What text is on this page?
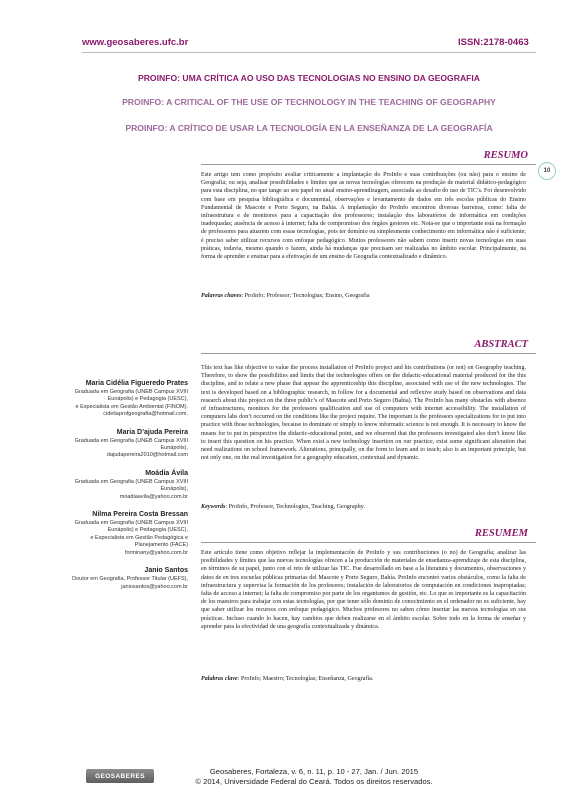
www.geosaberes.ufc.br	ISSN:2178-0463
PROINFO: UMA CRÍTICA AO USO DAS TECNOLOGIAS NO ENSINO DA GEOGRAFIA
PROINFO: A CRITICAL OF THE USE OF TECHNOLOGY IN THE TEACHING OF GEOGRAPHY
PROINFO: A CRÍTICO DE USAR LA TECNOLOGÍA EN LA ENSEÑANZA DE LA GEOGRAFÍA
10
RESUMO
Este artigo tem como propósito avaliar criticamente a implantação do ProInfo e suas contribuições (ou não) para o ensino de Geografia; ou seja, analisar possibilidades e limites que as novas tecnologias oferecem na produção de material didático-pedagógico para esta disciplina, no que tange ao seu papel no atual ensino-aprendizagem, associada ao desafio do uso de TIC’s. Foi desenvolvido com base em pesquisa bibliográfica e documental, observações e levantamento de dados em três escolas públicas do Ensino Fundamental de Mascote e Porto Seguro, na Bahia. A implantação do ProInfo encontrou diversas barreiras, como: falta de infraestrutura e de monitores para a capacitação dos professores; instalação dos laboratórios de informática em condições inadequadas; ausência de acesso à internet; falta de compromisso dos órgãos gestores etc. Nota-se que o importante está na formação de professores para atuarem com essas tecnologias, pois ter domínio ou simplesmente conhecimento em informática não é suficiente; é preciso saber utilizar recursos com enfoque pedagógico. Muitos professores não sabem como inserir novas tecnologias em suas práticas, todavia, mesmo quando o fazem, ainda há mudanças que precisam ser realizadas no âmbito escolar. Principalmente, na forma de aprender e ensinar para a efetivação de um ensino de Geografia contextualizado e dinâmico.
Palavras chaves: ProInfo; Professor; Tecnologias; Ensino, Geografia
ABSTRACT
This text has like objective to value the process installation of ProInfo project and his contributions (or not) on Geography teaching. Therefore, to show the possibilities and limits that the technologies offers on the didactic-educational material produced for the this discipline, and to relate a new phase that appear the apprenticeship this discipline, associated with use of the new technologies. The text is developed based on a bibliographic research, in follow for a documental and reflexive study based on observations and data research about this project on the three public’s of Mascote and Porto Seguro (Bahia). The ProInfo has many obstacles with absence of infrastructures, monitors for the professors qualification and use of computers with internet accessibility. The installation of computers labs don’t occurred on the conditions like the project require. The important is the professors specializations for to put into practice with those technologies, because to dominate or simply to know informatic science is not enough. It is necessary to know the means for to put in perspective the didactic-educational point, and we observed that the professors investigated also don’t know like to insert this question on his practice. When exist a new technology insertion on our practice, exist some significant alteration that need realizations on school framework. Alterations, principally, on the form to learn and to teach; also is an important principle, but not only one, on the real investigation for a geography education, contextual and dynamic.
Keywords: ProInfo, Professor, Technologies, Teaching, Geography.
RESUMEM
Este artículo tiene como objetivo reflejar la implementación de ProInfo y sus contribuciones (o no) de Geografía; analizar las posibilidades y límites que las nuevas tecnologías ofrecen a la producción de materiales de enseñanza-aprendizaje de esta disciplina, en términos de su papel, junto con el reto de utilizar las TIC. Fue desarrollado en base a la literatura y documentos, observaciones y datos de en tres escuelas públicas primarias del Mascote y Porto Seguro, Bahía. ProInfo encontró varios obstáculos, como la falta de infraestructura y supervisa la formación de los profesores; instalación de laboratorios de computación en condiciones inapropiadas; falta de acceso a internet; la falta de compromiso por parte de los organismos de gestión, etc. Lo que es importante es la capacitación de los maestros para trabajar con estas tecnologías, por que tener sólo dominio de conocimiento en el ordenador no es suficiente, hay que saber utilizar los recursos con enfoque pedagógico. Muchos profesores no saben cómo insertar las nuevas tecnologías en sus prácticas. Incluso cuando lo hacen, hay cambios que deben realizarse en el ámbito escolar. Sobre todo en la forma de enseñar y aprender para la efectividad de una geografía contextualizada y dinámica.
Palabras clave: ProInfo; Maestro; Tecnologías; Enseñanza, Geografía.
Maria Cidélia Figueredo Prates
Graduada em Geografia (UNEB Campus XVIII
Eunápolis) e Pedagogia (UESC),
e Especialista em Gestão Ambiental (FINOM).
cideliaprofgeografia@hotmail.com.
Maria D’ajuda Pereira
Graduada em Geografia (UNEB Campus XVIII
Eunápolis),
dajudapereira2010@hotmail.com
Moádia Ávila
Graduada em Geografia (UNEB Campus XVIII
Eunápolis),
moadiaavila@yahoo.com.br
Nilma Pereira Costa Bressan
Graduada em Geografia (UNEB Campus XVIII
Eunápolis) e Pedagogia (UESC),
e Especialista em Gestão Pedagógica e
Planejamento (FACE)
forminany@yahoo.com.br
Janio Santos
Doutor em Geografia, Professor Titular (UEFS),
janiosantos@yahoo.com.br
GEOSABERES	Geosaberes, Fortaleza, v. 6, n. 11, p. 10 - 27, Jan. / Jun. 2015
© 2014, Universidade Federal do Ceará. Todos os direitos reservados.
